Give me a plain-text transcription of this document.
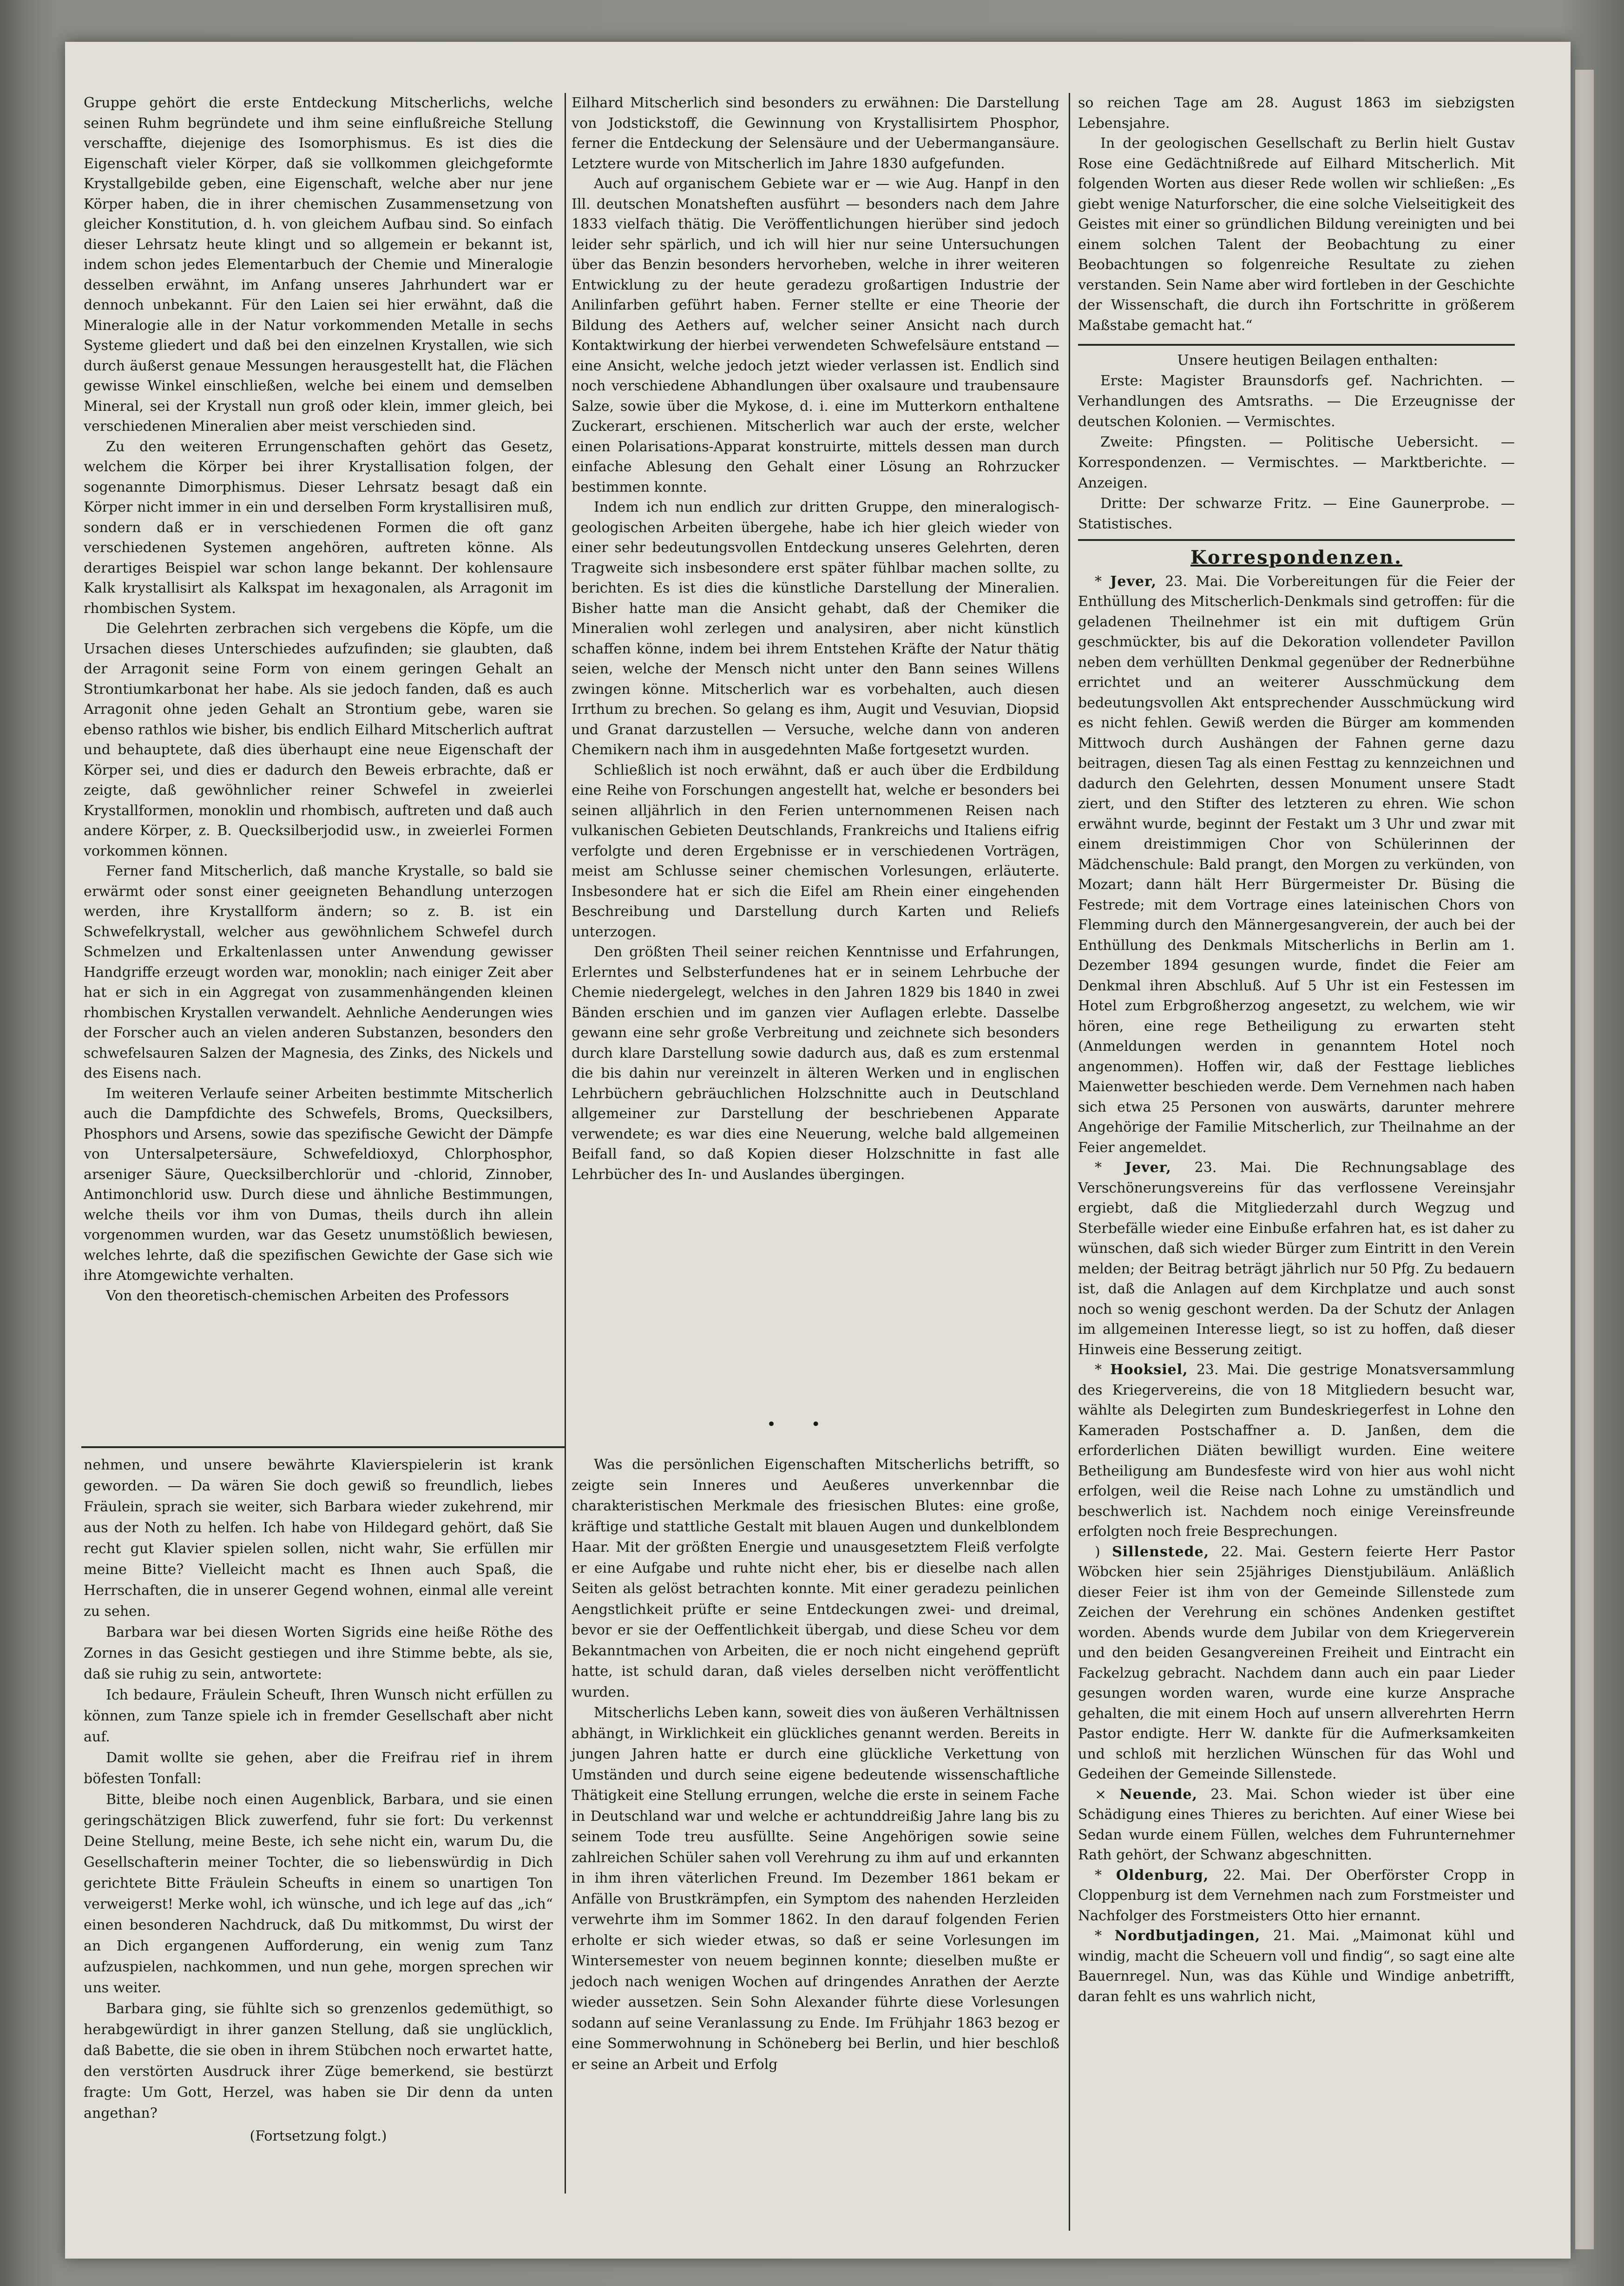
Gruppe gehört die erste Entdeckung Mitscherlichs, welche seinen Ruhm begründete und ihm seine einflußreiche Stellung verschaffte, diejenige des Isomorphismus. Es ist dies die Eigenschaft vieler Körper, daß sie vollkommen gleichgeformte Krystallgebilde geben, eine Eigenschaft, welche aber nur jene Körper haben, die in ihrer chemischen Zusammensetzung von gleicher Konstitution, d. h. von gleichem Aufbau sind. So einfach dieser Lehrsatz heute klingt und so allgemein er bekannt ist, indem schon jedes Elementarbuch der Chemie und Mineralogie desselben erwähnt, im Anfang unseres Jahrhundert war er dennoch unbekannt. Für den Laien sei hier erwähnt, daß die Mineralogie alle in der Natur vorkommenden Metalle in sechs Systeme gliedert und daß bei den einzelnen Krystallen, wie sich durch äußerst genaue Messungen herausgestellt hat, die Flächen gewisse Winkel einschließen, welche bei einem und demselben Mineral, sei der Krystall nun groß oder klein, immer gleich, bei verschiedenen Mineralien aber meist verschieden sind.

Zu den weiteren Errungenschaften gehört das Gesetz, welchem die Körper bei ihrer Krystallisation folgen, der sogenannte Dimorphismus. Dieser Lehrsatz besagt daß ein Körper nicht immer in ein und derselben Form krystallisiren muß, sondern daß er in verschiedenen Formen die oft ganz verschiedenen Systemen angehören, auftreten könne. Als derartiges Beispiel war schon lange bekannt. Der kohlensaure Kalk krystallisirt als Kalkspat im hexagonalen, als Arragonit im rhombischen System.

Die Gelehrten zerbrachen sich vergebens die Köpfe, um die Ursachen dieses Unterschiedes aufzufinden; sie glaubten, daß der Arragonit seine Form von einem geringen Gehalt an Strontiumkarbonat her habe. Als sie jedoch fanden, daß es auch Arragonit ohne jeden Gehalt an Strontium gebe, waren sie ebenso rathlos wie bisher, bis endlich Eilhard Mitscherlich auftrat und behauptete, daß dies überhaupt eine neue Eigenschaft der Körper sei, und dies er dadurch den Beweis erbrachte, daß er zeigte, daß gewöhnlicher reiner Schwefel in zweierlei Krystallformen, monoklin und rhombisch, auftreten und daß auch andere Körper, z. B. Quecksilberjodid usw., in zweierlei Formen vorkommen können.

Ferner fand Mitscherlich, daß manche Krystalle, so bald sie erwärmt oder sonst einer geeigneten Behandlung unterzogen werden, ihre Krystallform ändern; so z. B. ist ein Schwefelkrystall, welcher aus gewöhnlichem Schwefel durch Schmelzen und Erkaltenlassen unter Anwendung gewisser Handgriffe erzeugt worden war, monoklin; nach einiger Zeit aber hat er sich in ein Aggregat von zusammenhängenden kleinen rhombischen Krystallen verwandelt. Aehnliche Aenderungen wies der Forscher auch an vielen anderen Substanzen, besonders den schwefelsauren Salzen der Magnesia, des Zinks, des Nickels und des Eisens nach.

Im weiteren Verlaufe seiner Arbeiten bestimmte Mitscherlich auch die Dampfdichte des Schwefels, Broms, Quecksilbers, Phosphors und Arsens, sowie das spezifische Gewicht der Dämpfe von Untersalpetersäure, Schwefeldioxyd, Chlorphosphor, arseniger Säure, Quecksilberchlorür und -chlorid, Zinnober, Antimonchlorid usw. Durch diese und ähnliche Bestimmungen, welche theils vor ihm von Dumas, theils durch ihn allein vorgenommen wurden, war das Gesetz unumstößlich bewiesen, welches lehrte, daß die spezifischen Gewichte der Gase sich wie ihre Atomgewichte verhalten.

Von den theoretisch-chemischen Arbeiten des Professors

Eilhard Mitscherlich sind besonders zu erwähnen: Die Darstellung von Jodstickstoff, die Gewinnung von Krystallisirtem Phosphor, ferner die Entdeckung der Selensäure und der Uebermangansäure. Letztere wurde von Mitscherlich im Jahre 1830 aufgefunden.

Auch auf organischem Gebiete war er — wie Aug. Hanpf in den Ill. deutschen Monatsheften ausführt — besonders nach dem Jahre 1833 vielfach thätig. Die Veröffentlichungen hierüber sind jedoch leider sehr spärlich, und ich will hier nur seine Untersuchungen über das Benzin besonders hervorheben, welche in ihrer weiteren Entwicklung zu der heute geradezu großartigen Industrie der Anilinfarben geführt haben. Ferner stellte er eine Theorie der Bildung des Aethers auf, welcher seiner Ansicht nach durch Kontaktwirkung der hierbei verwendeten Schwefelsäure entstand — eine Ansicht, welche jedoch jetzt wieder verlassen ist. Endlich sind noch verschiedene Abhandlungen über oxalsaure und traubensaure Salze, sowie über die Mykose, d. i. eine im Mutterkorn enthaltene Zuckerart, erschienen. Mitscherlich war auch der erste, welcher einen Polarisations-Apparat konstruirte, mittels dessen man durch einfache Ablesung den Gehalt einer Lösung an Rohrzucker bestimmen konnte.

Indem ich nun endlich zur dritten Gruppe, den mineralogisch-geologischen Arbeiten übergehe, habe ich hier gleich wieder von einer sehr bedeutungsvollen Entdeckung unseres Gelehrten, deren Tragweite sich insbesondere erst später fühlbar machen sollte, zu berichten. Es ist dies die künstliche Darstellung der Mineralien. Bisher hatte man die Ansicht gehabt, daß der Chemiker die Mineralien wohl zerlegen und analysiren, aber nicht künstlich schaffen könne, indem bei ihrem Entstehen Kräfte der Natur thätig seien, welche der Mensch nicht unter den Bann seines Willens zwingen könne. Mitscherlich war es vorbehalten, auch diesen Irrthum zu brechen. So gelang es ihm, Augit und Vesuvian, Diopsid und Granat darzustellen — Versuche, welche dann von anderen Chemikern nach ihm in ausgedehnten Maße fortgesetzt wurden.

Schließlich ist noch erwähnt, daß er auch über die Erdbildung eine Reihe von Forschungen angestellt hat, welche er besonders bei seinen alljährlich in den Ferien unternommenen Reisen nach vulkanischen Gebieten Deutschlands, Frankreichs und Italiens eifrig verfolgte und deren Ergebnisse er in verschiedenen Vorträgen, meist am Schlusse seiner chemischen Vorlesungen, erläuterte. Insbesondere hat er sich die Eifel am Rhein einer eingehenden Beschreibung und Darstellung durch Karten und Reliefs unterzogen.

Den größten Theil seiner reichen Kenntnisse und Erfahrungen, Erlerntes und Selbsterfundenes hat er in seinem Lehrbuche der Chemie niedergelegt, welches in den Jahren 1829 bis 1840 in zwei Bänden erschien und im ganzen vier Auflagen erlebte. Dasselbe gewann eine sehr große Verbreitung und zeichnete sich besonders durch klare Darstellung sowie dadurch aus, daß es zum erstenmal die bis dahin nur vereinzelt in älteren Werken und in englischen Lehrbüchern gebräuchlichen Holzschnitte auch in Deutschland allgemeiner zur Darstellung der beschriebenen Apparate verwendete; es war dies eine Neuerung, welche bald allgemeinen Beifall fand, so daß Kopien dieser Holzschnitte in fast alle Lehrbücher des In- und Auslandes übergingen.

•  •

Was die persönlichen Eigenschaften Mitscherlichs betrifft, so zeigte sein Inneres und Aeußeres unverkennbar die charakteristischen Merkmale des friesischen Blutes: eine große, kräftige und stattliche Gestalt mit blauen Augen und dunkelblondem Haar. Mit der größten Energie und unausgesetztem Fleiß verfolgte er eine Aufgabe und ruhte nicht eher, bis er dieselbe nach allen Seiten als gelöst betrachten konnte. Mit einer geradezu peinlichen Aengstlichkeit prüfte er seine Entdeckungen zwei- und dreimal, bevor er sie der Oeffentlichkeit übergab, und diese Scheu vor dem Bekanntmachen von Arbeiten, die er noch nicht eingehend geprüft hatte, ist schuld daran, daß vieles derselben nicht veröffentlicht wurden.

Mitscherlichs Leben kann, soweit dies von äußeren Verhältnissen abhängt, in Wirklichkeit ein glückliches genannt werden. Bereits in jungen Jahren hatte er durch eine glückliche Verkettung von Umständen und durch seine eigene bedeutende wissenschaftliche Thätigkeit eine Stellung errungen, welche die erste in seinem Fache in Deutschland war und welche er achtunddreißig Jahre lang bis zu seinem Tode treu ausfüllte. Seine Angehörigen sowie seine zahlreichen Schüler sahen voll Verehrung zu ihm auf und erkannten in ihm ihren väterlichen Freund. Im Dezember 1861 bekam er Anfälle von Brustkrämpfen, ein Symptom des nahenden Herzleiden verwehrte ihm im Sommer 1862. In den darauf folgenden Ferien erholte er sich wieder etwas, so daß er seine Vorlesungen im Wintersemester von neuem beginnen konnte; dieselben mußte er jedoch nach wenigen Wochen auf dringendes Anrathen der Aerzte wieder aussetzen. Sein Sohn Alexander führte diese Vorlesungen sodann auf seine Veranlassung zu Ende. Im Frühjahr 1863 bezog er eine Sommerwohnung in Schöneberg bei Berlin, und hier beschloß er seine an Arbeit und Erfolg

nehmen, und unsere bewährte Klavierspielerin ist krank geworden. — Da wären Sie doch gewiß so freundlich, liebes Fräulein, sprach sie weiter, sich Barbara wieder zukehrend, mir aus der Noth zu helfen. Ich habe von Hildegard gehört, daß Sie recht gut Klavier spielen sollen, nicht wahr, Sie erfüllen mir meine Bitte? Vielleicht macht es Ihnen auch Spaß, die Herrschaften, die in unserer Gegend wohnen, einmal alle vereint zu sehen.

Barbara war bei diesen Worten Sigrids eine heiße Röthe des Zornes in das Gesicht gestiegen und ihre Stimme bebte, als sie, daß sie ruhig zu sein, antwortete:

Ich bedaure, Fräulein Scheuft, Ihren Wunsch nicht erfüllen zu können, zum Tanze spiele ich in fremder Gesellschaft aber nicht auf.

Damit wollte sie gehen, aber die Freifrau rief in ihrem böfesten Tonfall:

Bitte, bleibe noch einen Augenblick, Barbara, und sie einen geringschätzigen Blick zuwerfend, fuhr sie fort: Du verkennst Deine Stellung, meine Beste, ich sehe nicht ein, warum Du, die Gesellschafterin meiner Tochter, die so liebenswürdig in Dich gerichtete Bitte Fräulein Scheufts in einem so unartigen Ton verweigerst! Merke wohl, ich wünsche, und ich lege auf das „ich“ einen besonderen Nachdruck, daß Du mitkommst, Du wirst der an Dich ergangenen Aufforderung, ein wenig zum Tanz aufzuspielen, nachkommen, und nun gehe, morgen sprechen wir uns weiter.

Barbara ging, sie fühlte sich so grenzenlos gedemüthigt, so herabgewürdigt in ihrer ganzen Stellung, daß sie unglücklich, daß Babette, die sie oben in ihrem Stübchen noch erwartet hatte, den verstörten Ausdruck ihrer Züge bemerkend, sie bestürzt fragte: Um Gott, Herzel, was haben sie Dir denn da unten angethan?

(Fortsetzung folgt.)

so reichen Tage am 28. August 1863 im siebzigsten Lebensjahre.

In der geologischen Gesellschaft zu Berlin hielt Gustav Rose eine Gedächtnißrede auf Eilhard Mitscherlich. Mit folgenden Worten aus dieser Rede wollen wir schließen: „Es giebt wenige Naturforscher, die eine solche Vielseitigkeit des Geistes mit einer so gründlichen Bildung vereinigten und bei einem solchen Talent der Beobachtung zu einer Beobachtungen so folgenreiche Resultate zu ziehen verstanden. Sein Name aber wird fortleben in der Geschichte der Wissenschaft, die durch ihn Fortschritte in größerem Maßstabe gemacht hat.“

Unsere heutigen Beilagen enthalten:

Erste: Magister Braunsdorfs gef. Nachrichten. — Verhandlungen des Amtsraths. — Die Erzeugnisse der deutschen Kolonien. — Vermischtes.

Zweite: Pfingsten. — Politische Uebersicht. — Korrespondenzen. — Vermischtes. — Marktberichte. — Anzeigen.

Dritte: Der schwarze Fritz. — Eine Gaunerprobe. — Statistisches.

Korrespondenzen.

* Jever, 23. Mai. Die Vorbereitungen für die Feier der Enthüllung des Mitscherlich-Denkmals sind getroffen: für die geladenen Theilnehmer ist ein mit duftigem Grün geschmückter, bis auf die Dekoration vollendeter Pavillon neben dem verhüllten Denkmal gegenüber der Rednerbühne errichtet und an weiterer Ausschmückung dem bedeutungsvollen Akt entsprechender Ausschmückung wird es nicht fehlen. Gewiß werden die Bürger am kommenden Mittwoch durch Aushängen der Fahnen gerne dazu beitragen, diesen Tag als einen Festtag zu kennzeichnen und dadurch den Gelehrten, dessen Monument unsere Stadt ziert, und den Stifter des letzteren zu ehren. Wie schon erwähnt wurde, beginnt der Festakt um 3 Uhr und zwar mit einem dreistimmigen Chor von Schülerinnen der Mädchenschule: Bald prangt, den Morgen zu verkünden, von Mozart; dann hält Herr Bürgermeister Dr. Büsing die Festrede; mit dem Vortrage eines lateinischen Chors von Flemming durch den Männergesangverein, der auch bei der Enthüllung des Denkmals Mitscherlichs in Berlin am 1. Dezember 1894 gesungen wurde, findet die Feier am Denkmal ihren Abschluß. Auf 5 Uhr ist ein Festessen im Hotel zum Erbgroßherzog angesetzt, zu welchem, wie wir hören, eine rege Betheiligung zu erwarten steht (Anmeldungen werden in genanntem Hotel noch angenommen). Hoffen wir, daß der Festtage liebliches Maienwetter beschieden werde. Dem Vernehmen nach haben sich etwa 25 Personen von auswärts, darunter mehrere Angehörige der Familie Mitscherlich, zur Theilnahme an der Feier angemeldet.

* Jever, 23. Mai. Die Rechnungsablage des Verschönerungsvereins für das verflossene Vereinsjahr ergiebt, daß die Mitgliederzahl durch Wegzug und Sterbefälle wieder eine Einbuße erfahren hat, es ist daher zu wünschen, daß sich wieder Bürger zum Eintritt in den Verein melden; der Beitrag beträgt jährlich nur 50 Pfg. Zu bedauern ist, daß die Anlagen auf dem Kirchplatze und auch sonst noch so wenig geschont werden. Da der Schutz der Anlagen im allgemeinen Interesse liegt, so ist zu hoffen, daß dieser Hinweis eine Besserung zeitigt.

* Hooksiel, 23. Mai. Die gestrige Monatsversammlung des Kriegervereins, die von 18 Mitgliedern besucht war, wählte als Delegirten zum Bundeskriegerfest in Lohne den Kameraden Postschaffner a. D. Janßen, dem die erforderlichen Diäten bewilligt wurden. Eine weitere Betheiligung am Bundesfeste wird von hier aus wohl nicht erfolgen, weil die Reise nach Lohne zu umständlich und beschwerlich ist. Nachdem noch einige Vereinsfreunde erfolgten noch freie Besprechungen.

) Sillenstede, 22. Mai. Gestern feierte Herr Pastor Wöbcken hier sein 25jähriges Dienstjubiläum. Anläßlich dieser Feier ist ihm von der Gemeinde Sillenstede zum Zeichen der Verehrung ein schönes Andenken gestiftet worden. Abends wurde dem Jubilar von dem Kriegerverein und den beiden Gesangvereinen Freiheit und Eintracht ein Fackelzug gebracht. Nachdem dann auch ein paar Lieder gesungen worden waren, wurde eine kurze Ansprache gehalten, die mit einem Hoch auf unsern allverehrten Herrn Pastor endigte. Herr W. dankte für die Aufmerksamkeiten und schloß mit herzlichen Wünschen für das Wohl und Gedeihen der Gemeinde Sillenstede.

× Neuende, 23. Mai. Schon wieder ist über eine Schädigung eines Thieres zu berichten. Auf einer Wiese bei Sedan wurde einem Füllen, welches dem Fuhrunternehmer Rath gehört, der Schwanz abgeschnitten.

* Oldenburg, 22. Mai. Der Oberförster Cropp in Cloppenburg ist dem Vernehmen nach zum Forstmeister und Nachfolger des Forstmeisters Otto hier ernannt.

* Nordbutjadingen, 21. Mai. „Maimonat kühl und windig, macht die Scheuern voll und findig“, so sagt eine alte Bauernregel. Nun, was das Kühle und Windige anbetrifft, daran fehlt es uns wahrlich nicht,
